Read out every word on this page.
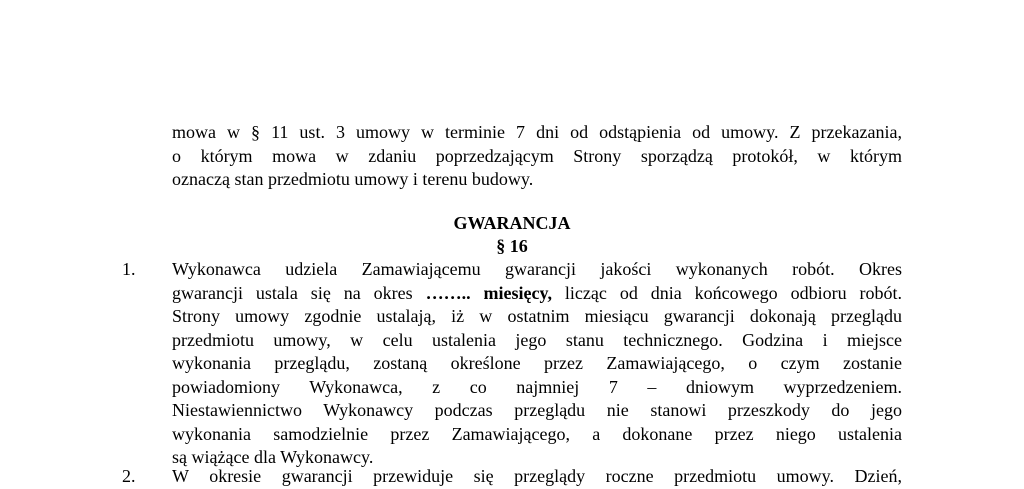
mowa w § 11 ust. 3 umowy w terminie 7 dni od odstąpienia od umowy. Z przekazania,
o którym mowa w zdaniu poprzedzającym Strony sporządzą protokół, w którym
oznaczą stan przedmiotu umowy i terenu budowy.
GWARANCJA
§ 16
1. Wykonawca udziela Zamawiającemu gwarancji jakości wykonanych robót. Okres
gwarancji ustala się na okres …….. miesięcy, licząc od dnia końcowego odbioru robót.
Strony umowy zgodnie ustalają, iż w ostatnim miesiącu gwarancji dokonają przeglądu
przedmiotu umowy, w celu ustalenia jego stanu technicznego. Godzina i miejsce
wykonania przeglądu, zostaną określone przez Zamawiającego, o czym zostanie
powiadomiony Wykonawca, z co najmniej 7 – dniowym wyprzedzeniem.
Niestawiennictwo Wykonawcy podczas przeglądu nie stanowi przeszkody do jego
wykonania samodzielnie przez Zamawiającego, a dokonane przez niego ustalenia
są wiążące dla Wykonawcy.
2. W okresie gwarancji przewiduje się przeglądy roczne przedmiotu umowy. Dzień,
